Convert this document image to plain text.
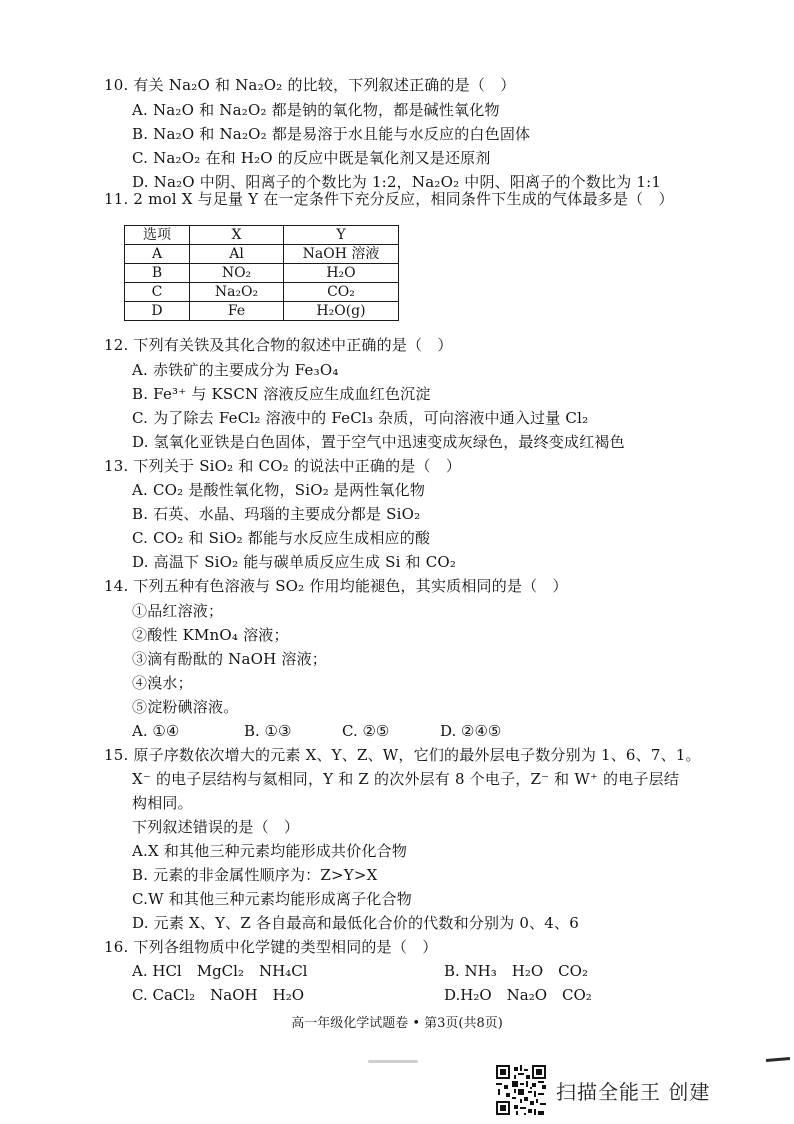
10. 有关 Na₂O 和 Na₂O₂ 的比较，下列叙述正确的是（　）
A. Na₂O 和 Na₂O₂ 都是钠的氧化物，都是碱性氧化物
B. Na₂O 和 Na₂O₂ 都是易溶于水且能与水反应的白色固体
C. Na₂O₂ 在和 H₂O 的反应中既是氧化剂又是还原剂
D. Na₂O 中阴、阳离子的个数比为 1:2，Na₂O₂ 中阴、阳离子的个数比为 1:1
11. 2 mol X 与足量 Y 在一定条件下充分反应，相同条件下生成的气体最多是（　）
选项	X	Y
A	Al	NaOH 溶液
B	NO₂	H₂O
C	Na₂O₂	CO₂
D	Fe	H₂O(g)
12. 下列有关铁及其化合物的叙述中正确的是（　）
A. 赤铁矿的主要成分为 Fe₃O₄
B. Fe³⁺ 与 KSCN 溶液反应生成血红色沉淀
C. 为了除去 FeCl₂ 溶液中的 FeCl₃ 杂质，可向溶液中通入过量 Cl₂
D. 氢氧化亚铁是白色固体，置于空气中迅速变成灰绿色，最终变成红褐色
13. 下列关于 SiO₂ 和 CO₂ 的说法中正确的是（　）
A. CO₂ 是酸性氧化物，SiO₂ 是两性氧化物
B. 石英、水晶、玛瑙的主要成分都是 SiO₂
C. CO₂ 和 SiO₂ 都能与水反应生成相应的酸
D. 高温下 SiO₂ 能与碳单质反应生成 Si 和 CO₂
14. 下列五种有色溶液与 SO₂ 作用均能褪色，其实质相同的是（　）
①品红溶液；
②酸性 KMnO₄ 溶液；
③滴有酚酞的 NaOH 溶液；
④溴水；
⑤淀粉碘溶液。
A. ①④	B. ①③	C. ②⑤	D. ②④⑤
15. 原子序数依次增大的元素 X、Y、Z、W，它们的最外层电子数分别为 1、6、7、1。
X⁻ 的电子层结构与氦相同，Y 和 Z 的次外层有 8 个电子，Z⁻ 和 W⁺ 的电子层结
构相同。
下列叙述错误的是（　）
A.X 和其他三种元素均能形成共价化合物
B. 元素的非金属性顺序为：Z>Y>X
C.W 和其他三种元素均能形成离子化合物
D. 元素 X、Y、Z 各自最高和最低化合价的代数和分别为 0、4、6
16. 下列各组物质中化学键的类型相同的是（　）
A. HCl　MgCl₂　NH₄Cl	B. NH₃　H₂O　CO₂
C. CaCl₂　NaOH　H₂O	D.H₂O　Na₂O　CO₂
高一年级化学试题卷 • 第3页(共8页)
扫描全能王 创建
